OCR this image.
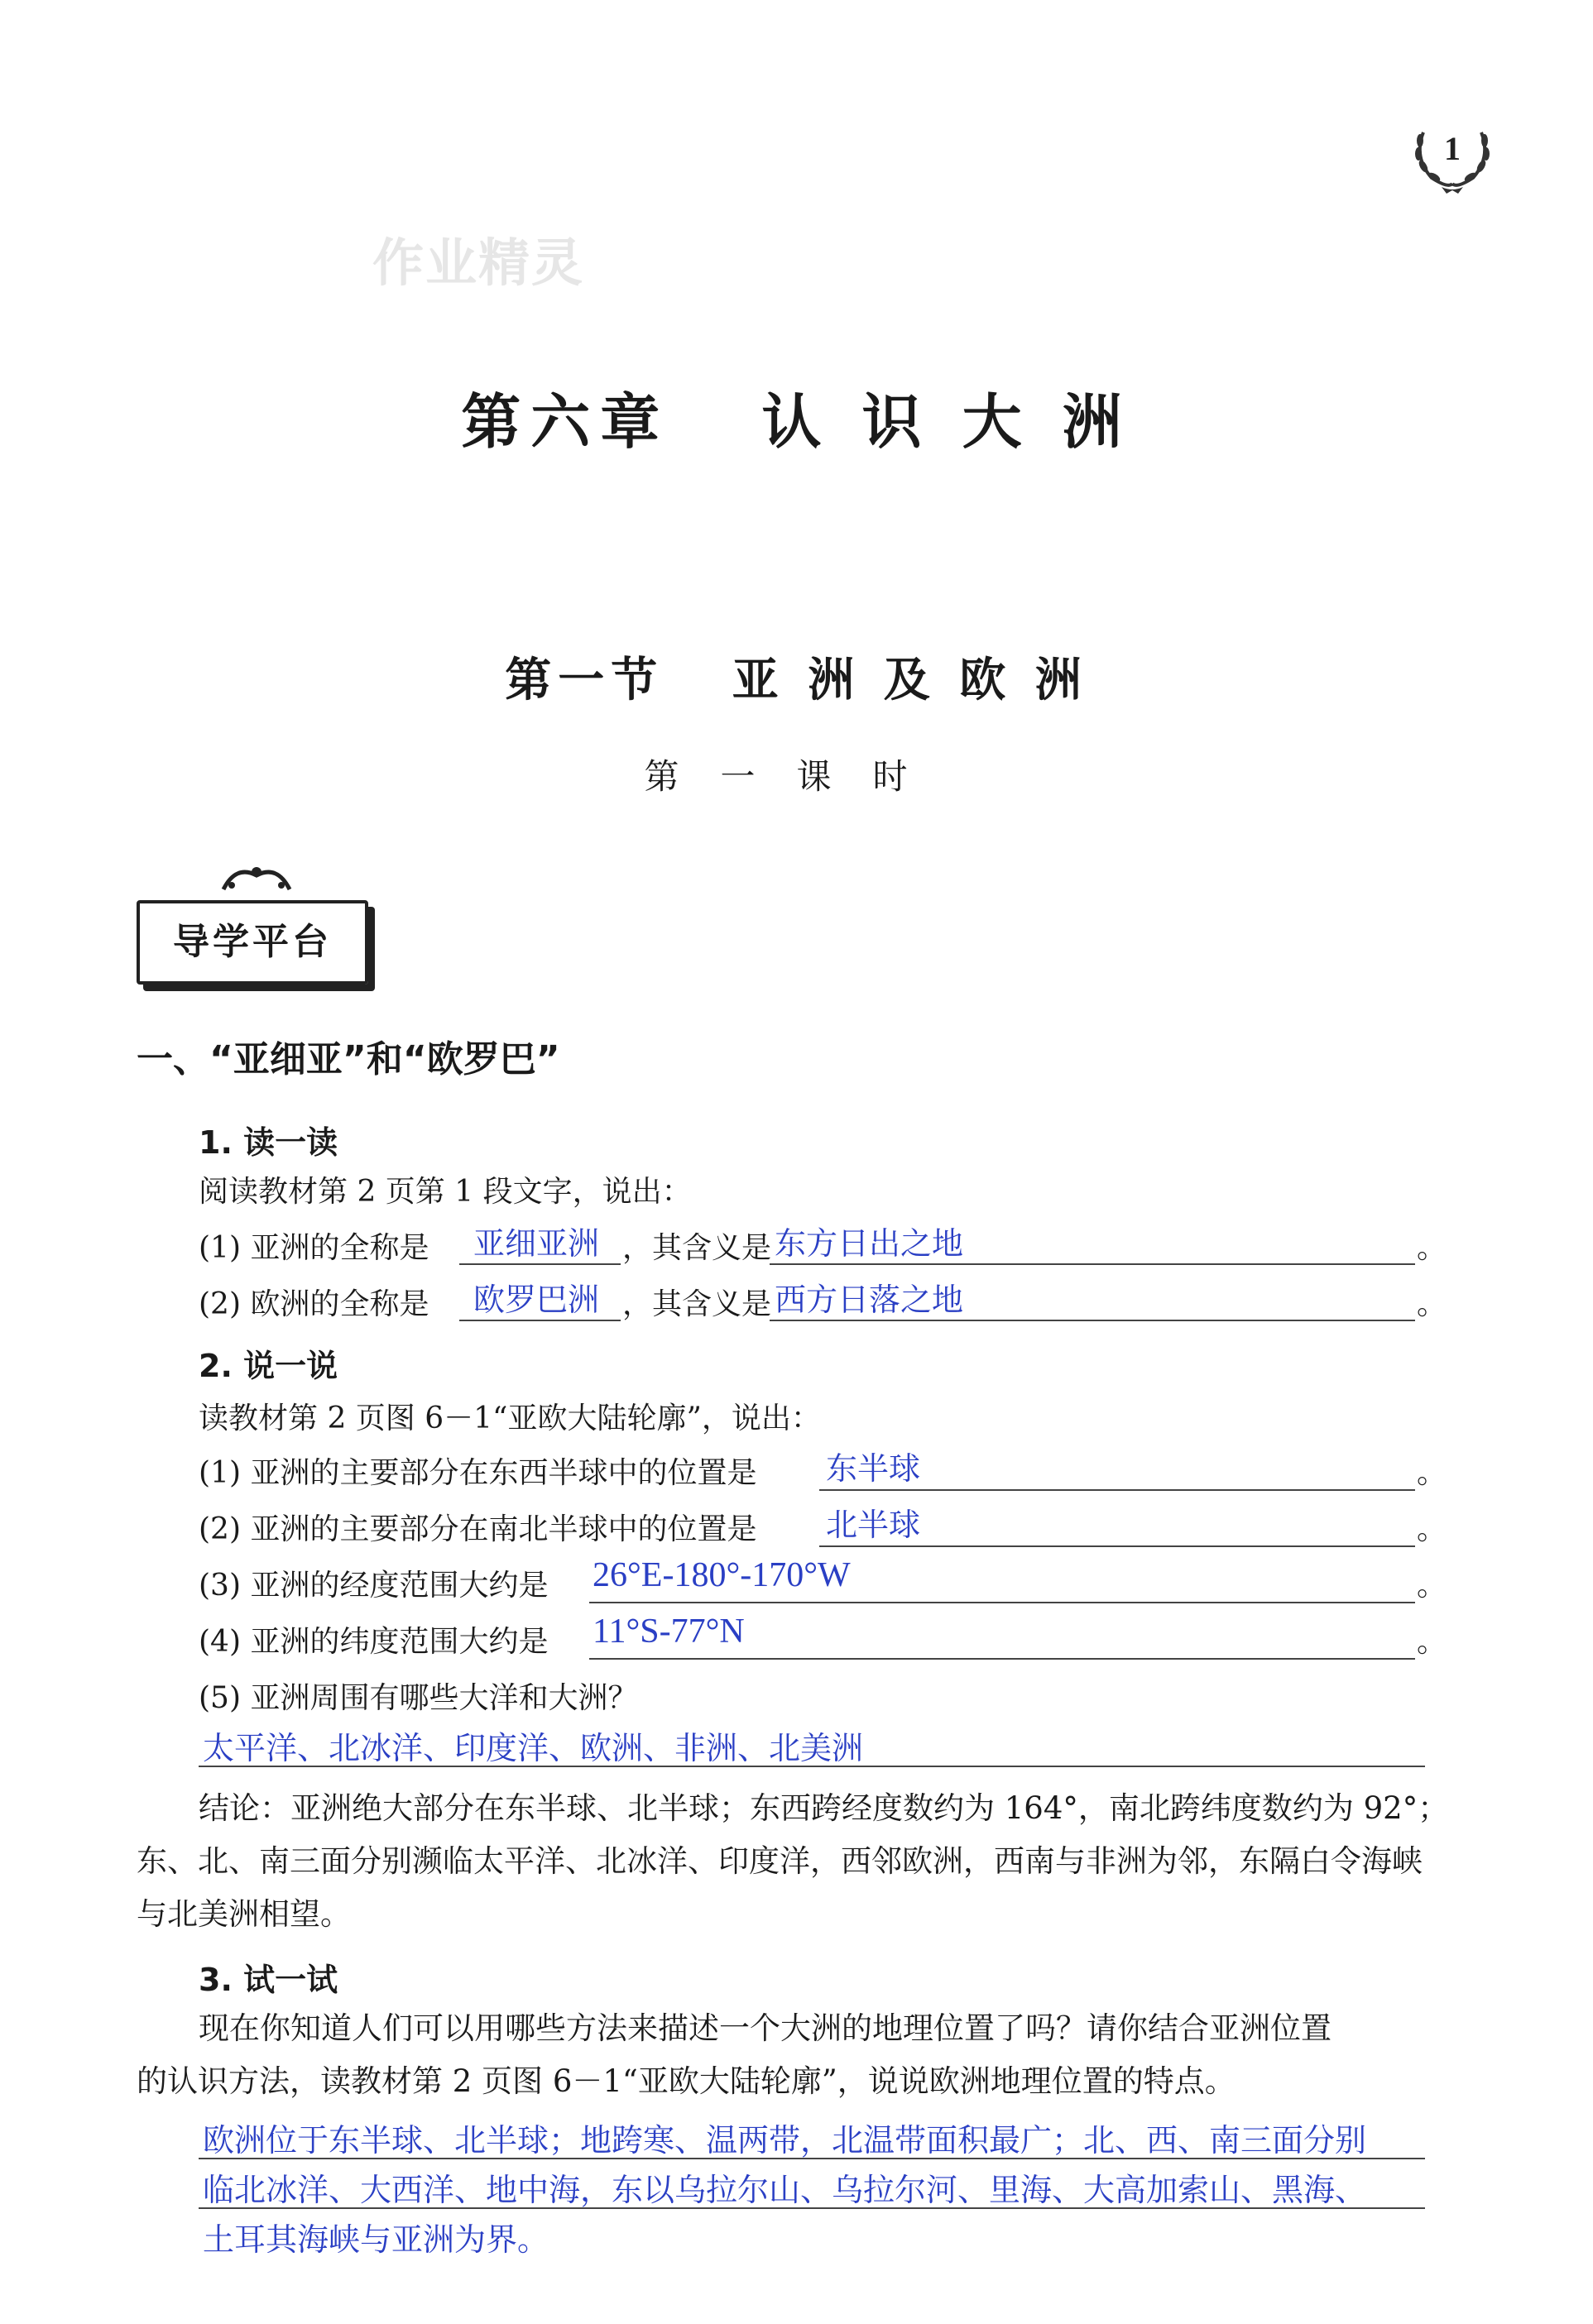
1
作业精灵
第六章   认 识 大 洲
第一节   亚 洲 及 欧 洲
第一课时
导学平台
一、“亚细亚”和“欧罗巴”
1. 读一读
阅读教材第 2 页第 1 段文字，说出：
(1) 亚洲的全称是 亚细亚洲 ，其含义是 东方日出之地	。
(2) 欧洲的全称是 欧罗巴洲 ，其含义是 西方日落之地	。
2. 说一说
读教材第 2 页图 6－1“亚欧大陆轮廓”，说出：
(1) 亚洲的主要部分在东西半球中的位置是 东半球	。
(2) 亚洲的主要部分在南北半球中的位置是 北半球	。
(3) 亚洲的经度范围大约是 26°E-180°-170°W	。
(4) 亚洲的纬度范围大约是 11°S-77°N	。
(5) 亚洲周围有哪些大洋和大洲？
太平洋、北冰洋、印度洋、欧洲、非洲、北美洲
结论：亚洲绝大部分在东半球、北半球；东西跨经度数约为 164°，南北跨纬度数约为 92°；
东、北、南三面分别濒临太平洋、北冰洋、印度洋，西邻欧洲，西南与非洲为邻，东隔白令海峡
与北美洲相望。
3. 试一试
现在你知道人们可以用哪些方法来描述一个大洲的地理位置了吗？请你结合亚洲位置
的认识方法，读教材第 2 页图 6－1“亚欧大陆轮廓”，说说欧洲地理位置的特点。
欧洲位于东半球、北半球；地跨寒、温两带，北温带面积最广；北、西、南三面分别
临北冰洋、大西洋、地中海，东以乌拉尔山、乌拉尔河、里海、大高加索山、黑海、
土耳其海峡与亚洲为界。
